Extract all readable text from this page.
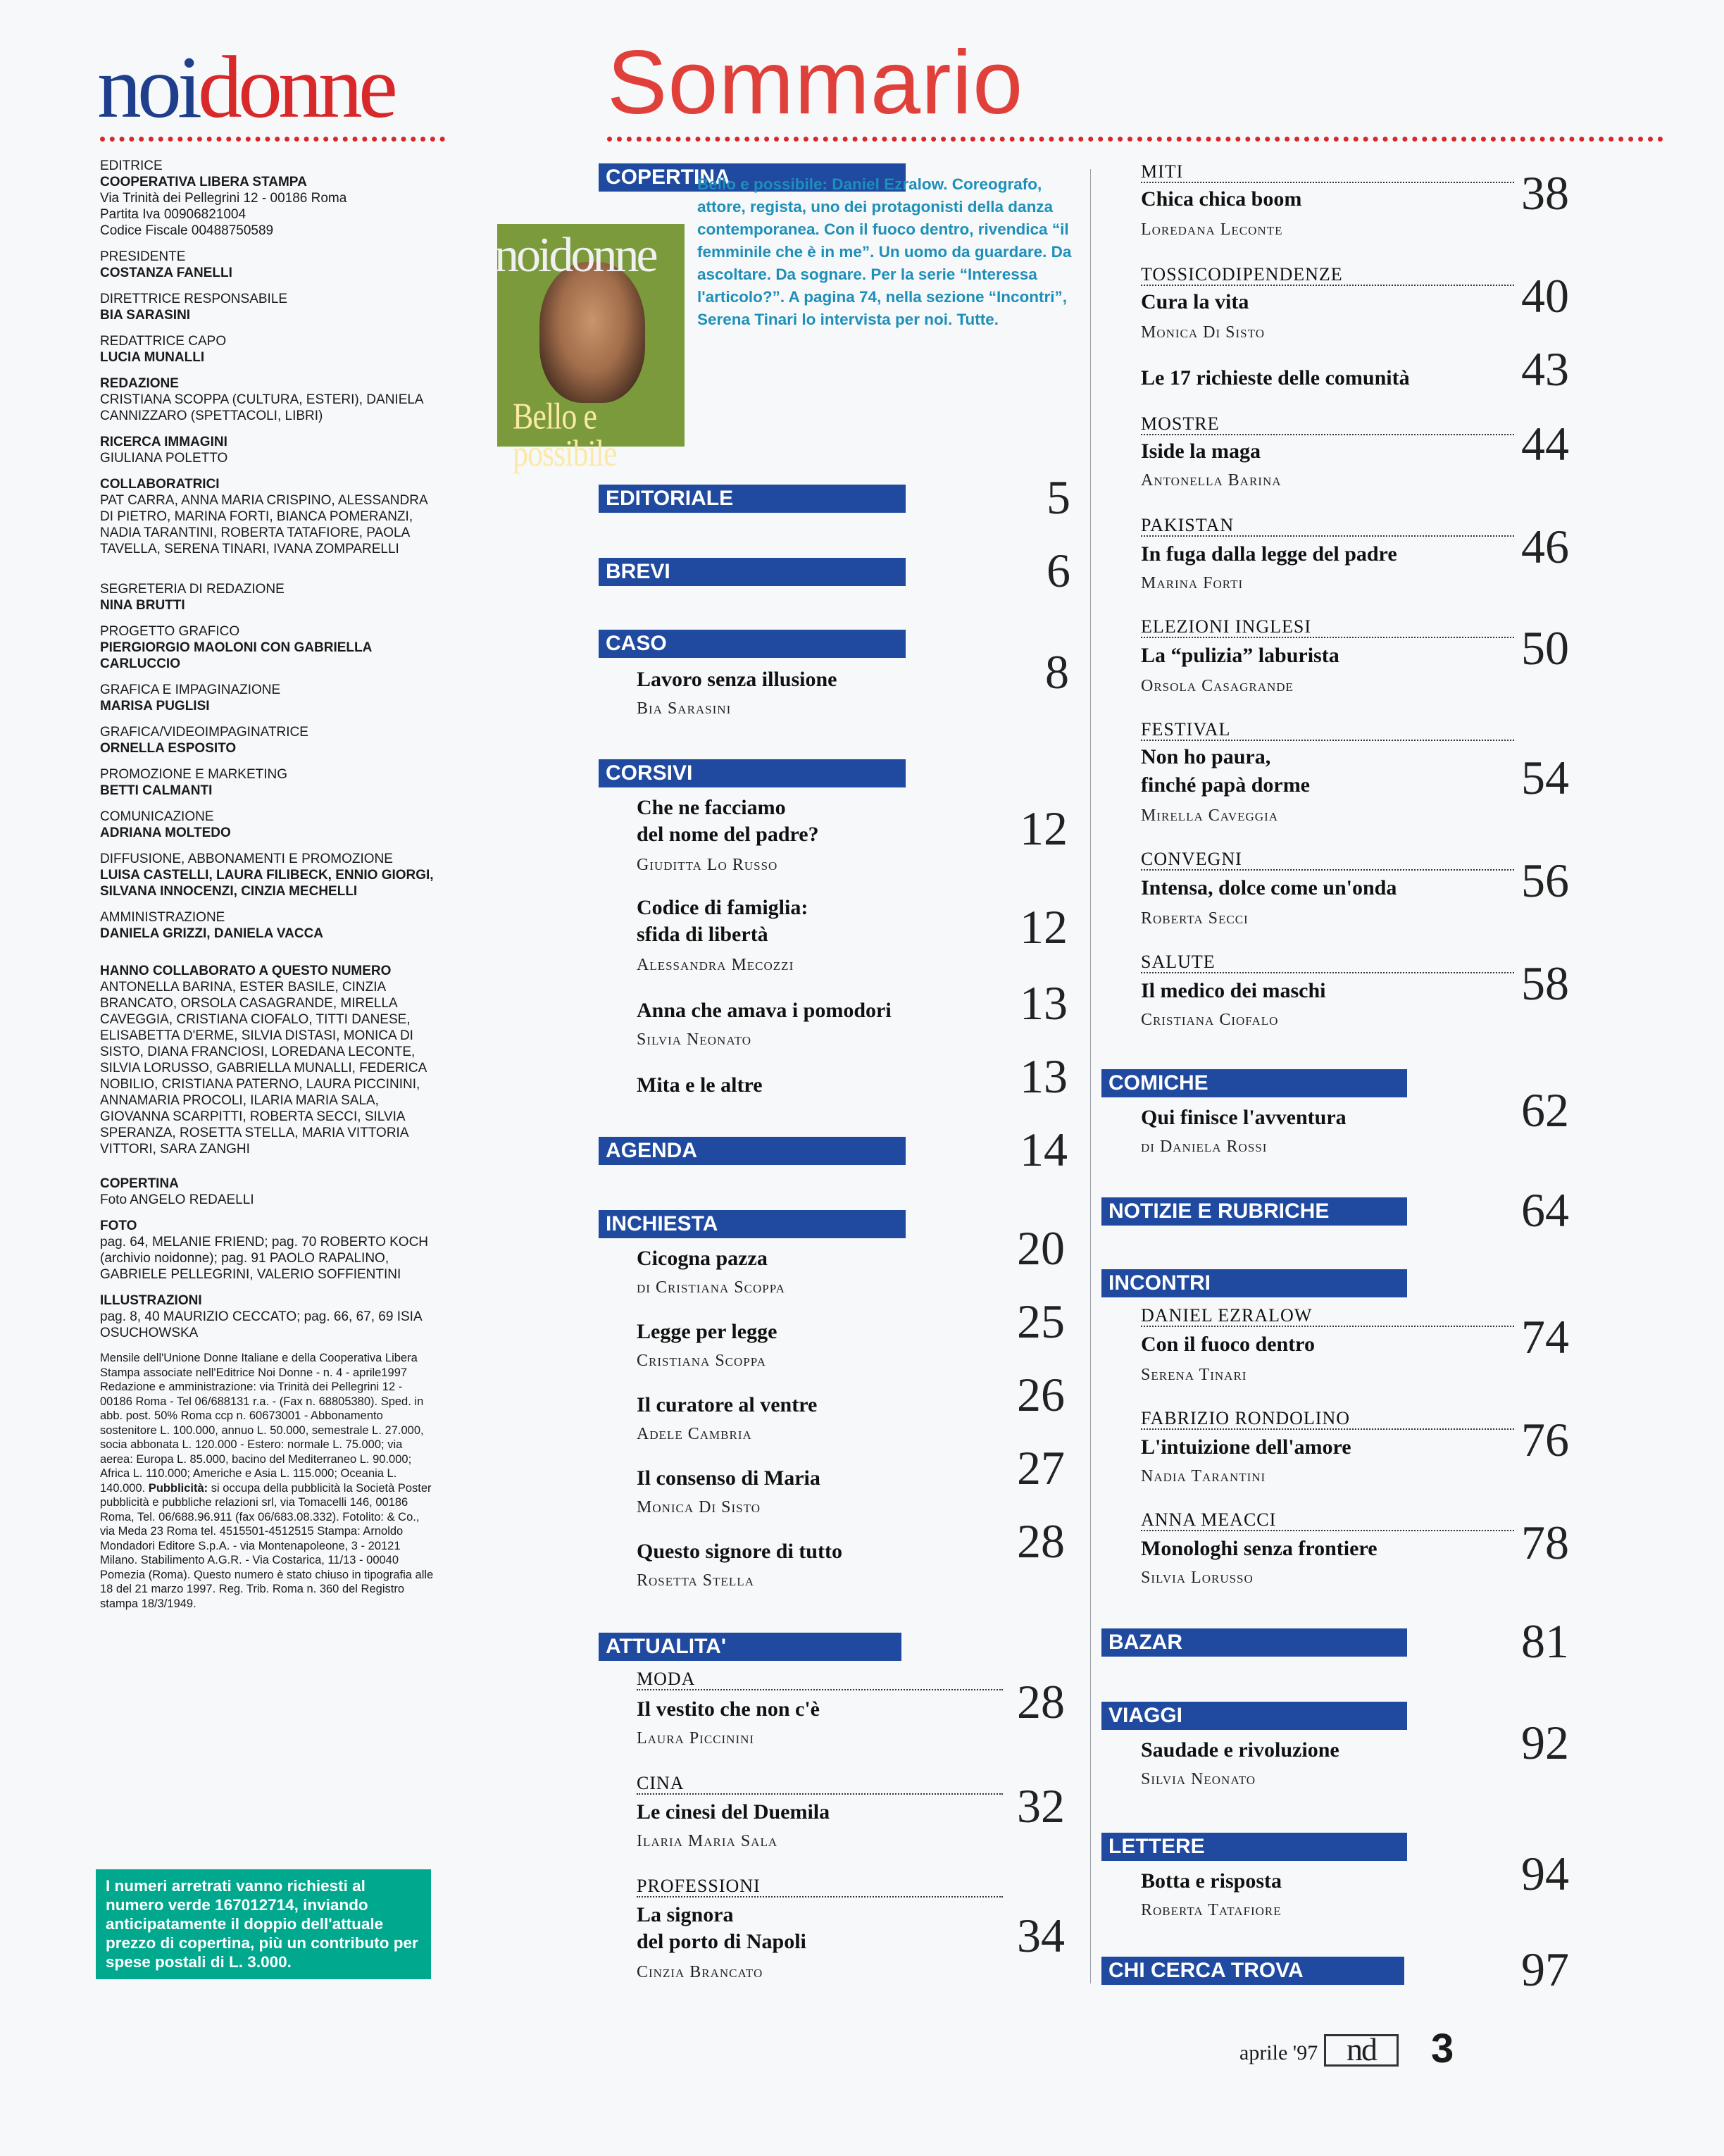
noidonne Sommario
EDITRICE
COOPERATIVA LIBERA STAMPA
Via Trinità dei Pellegrini 12 - 00186 Roma
Partita Iva 00906821004
Codice Fiscale 00488750589
PRESIDENTE
COSTANZA FANELLI
DIRETTRICE RESPONSABILE
BIA SARASINI
REDATTRICE CAPO
LUCIA MUNALLI
REDAZIONE
CRISTIANA SCOPPA (CULTURA, ESTERI), DANIELA CANNIZZARO (SPETTACOLI, LIBRI)
RICERCA IMMAGINI
GIULIANA POLETTO
COLLABORATRICI
PAT CARRA, ANNA MARIA CRISPINO, ALESSANDRA DI PIETRO, MARINA FORTI, BIANCA POMERANZI, NADIA TARANTINI, ROBERTA TATAFIORE, PAOLA TAVELLA, SERENA TINARI, IVANA ZOMPARELLI
SEGRETERIA DI REDAZIONE
NINA BRUTTI
PROGETTO GRAFICO
PIERGIORGIO MAOLONI CON GABRIELLA CARLUCCIO
GRAFICA E IMPAGINAZIONE
MARISA PUGLISI
GRAFICA/VIDEOIMPAGINATRICE
ORNELLA ESPOSITO
PROMOZIONE E MARKETING
BETTI CALMANTI
COMUNICAZIONE
ADRIANA MOLTEDO
DIFFUSIONE, ABBONAMENTI E PROMOZIONE
LUISA CASTELLI, LAURA FILIBECK, ENNIO GIORGI, SILVANA INNOCENZI, CINZIA MECHELLI
AMMINISTRAZIONE
DANIELA GRIZZI, DANIELA VACCA
HANNO COLLABORATO A QUESTO NUMERO
ANTONELLA BARINA, ESTER BASILE, CINZIA BRANCATO, ORSOLA CASAGRANDE, MIRELLA CAVEGGIA, CRISTIANA CIOFALO, TITTI DANESE, ELISABETTA D'ERME, SILVIA DISTASI, MONICA DI SISTO, DIANA FRANCIOSI, LOREDANA LECONTE, SILVIA LORUSSO, GABRIELLA MUNALLI, FEDERICA NOBILIO, CRISTIANA PATERNO, LAURA PICCININI, ANNAMARIA PROCOLI, ILARIA MARIA SALA, GIOVANNA SCARPITTI, ROBERTA SECCI, SILVIA SPERANZA, ROSETTA STELLA, MARIA VITTORIA VITTORI, SARA ZANGHI
COPERTINA
Foto ANGELO REDAELLI
FOTO
pag. 64, MELANIE FRIEND; pag. 70 ROBERTO KOCH (archivio noidonne); pag. 91 PAOLO RAPALINO, GABRIELE PELLEGRINI, VALERIO SOFFIENTINI
ILLUSTRAZIONI
pag. 8, 40 MAURIZIO CECCATO; pag. 66, 67, 69 ISIA OSUCHOWSKA
Mensile dell'Unione Donne Italiane e della Cooperativa Libera Stampa associate nell'Editrice Noi Donne - n. 4 - aprile1997 Redazione e amministrazione: via Trinità dei Pellegrini 12 - 00186 Roma - Tel 06/688131 r.a. - (Fax n. 68805380). Sped. in abb. post. 50% Roma ccp n. 60673001 - Abbonamento sostenitore L. 100.000, annuo L. 50.000, semestrale L. 27.000, socia abbonata L. 120.000 - Estero: normale L. 75.000; via aerea: Europa L. 85.000, bacino del Mediterraneo L. 90.000; Africa L. 110.000; Americhe e Asia L. 115.000; Oceania L. 140.000. Pubblicità: si occupa della pubblicità la Società Poster pubblicità e pubbliche relazioni srl, via Tomacelli 146, 00186 Roma, Tel. 06/688.96.911 (fax 06/683.08.332). Fotolito: & Co., via Meda 23 Roma tel. 4515501-4512515 Stampa: Arnoldo Mondadori Editore S.p.A. - via Montenapoleone, 3 - 20121 Milano. Stabilimento A.G.R. - Via Costarica, 11/13 - 00040 Pomezia (Roma). Questo numero è stato chiuso in tipografia alle 18 del 21 marzo 1997. Reg. Trib. Roma n. 360 del Registro stampa 18/3/1949.
I numeri arretrati vanno richiesti al numero verde 167012714, inviando anticipatamente il doppio dell'attuale prezzo di copertina, più un contributo per spese postali di L. 3.000.
COPERTINA
noidonne
Bello e possibile
Bello e possibile: Daniel Ezralow. Coreografo, attore, regista, uno dei protagonisti della danza contemporanea. Con il fuoco dentro, rivendica “il femminile che è in me”. Un uomo da guardare. Da ascoltare. Da sognare. Per la serie “Interessa l'articolo?”. A pagina 74, nella sezione “Incontri”, Serena Tinari lo intervista per noi. Tutte.
EDITORIALE	5
BREVI	6
CASO
Lavoro senza illusione
Bia Sarasini
8
CORSIVI
Che ne facciamo
del nome del padre?
Giuditta Lo Russo
12
Codice di famiglia:
sfida di libertà
Alessandra Mecozzi
12
Anna che amava i pomodori
Silvia Neonato
13
Mita e le altre	13
AGENDA	14
INCHIESTA
Cicogna pazza
di Cristiana Scoppa
20
Legge per legge
Cristiana Scoppa
25
Il curatore al ventre
Adele Cambria
26
Il consenso di Maria
Monica Di Sisto
27
Questo signore di tutto
Rosetta Stella
28
ATTUALITA'
MODA
Il vestito che non c'è
Laura Piccinini
28
CINA
Le cinesi del Duemila
Ilaria Maria Sala
32
PROFESSIONI
La signora
del porto di Napoli
Cinzia Brancato
34
MITI
Chica chica boom
Loredana Leconte
38
TOSSICODIPENDENZE
Cura la vita
Monica Di Sisto
40
Le 17 richieste delle comunità 43
MOSTRE
Iside la maga
Antonella Barina
44
PAKISTAN
In fuga dalla legge del padre
Marina Forti
46
ELEZIONI INGLESI
La “pulizia” laburista
Orsola Casagrande
50
FESTIVAL
Non ho paura,
finché papà dorme
Mirella Caveggia
54
CONVEGNI
Intensa, dolce come un'onda
Roberta Secci
56
SALUTE
Il medico dei maschi
Cristiana Ciofalo
58
COMICHE
Qui finisce l'avventura
di Daniela Rossi
62
NOTIZIE E RUBRICHE	64
INCONTRI
DANIEL EZRALOW
Con il fuoco dentro
Serena Tinari
74
FABRIZIO RONDOLINO
L'intuizione dell'amore
Nadia Tarantini
76
ANNA MEACCI
Monologhi senza frontiere
Silvia Lorusso
78
BAZAR	81
VIAGGI
Saudade e rivoluzione
Silvia Neonato
92
LETTERE
Botta e risposta
Roberta Tatafiore
94
CHI CERCA TROVA	97
aprile '97 nd	3
